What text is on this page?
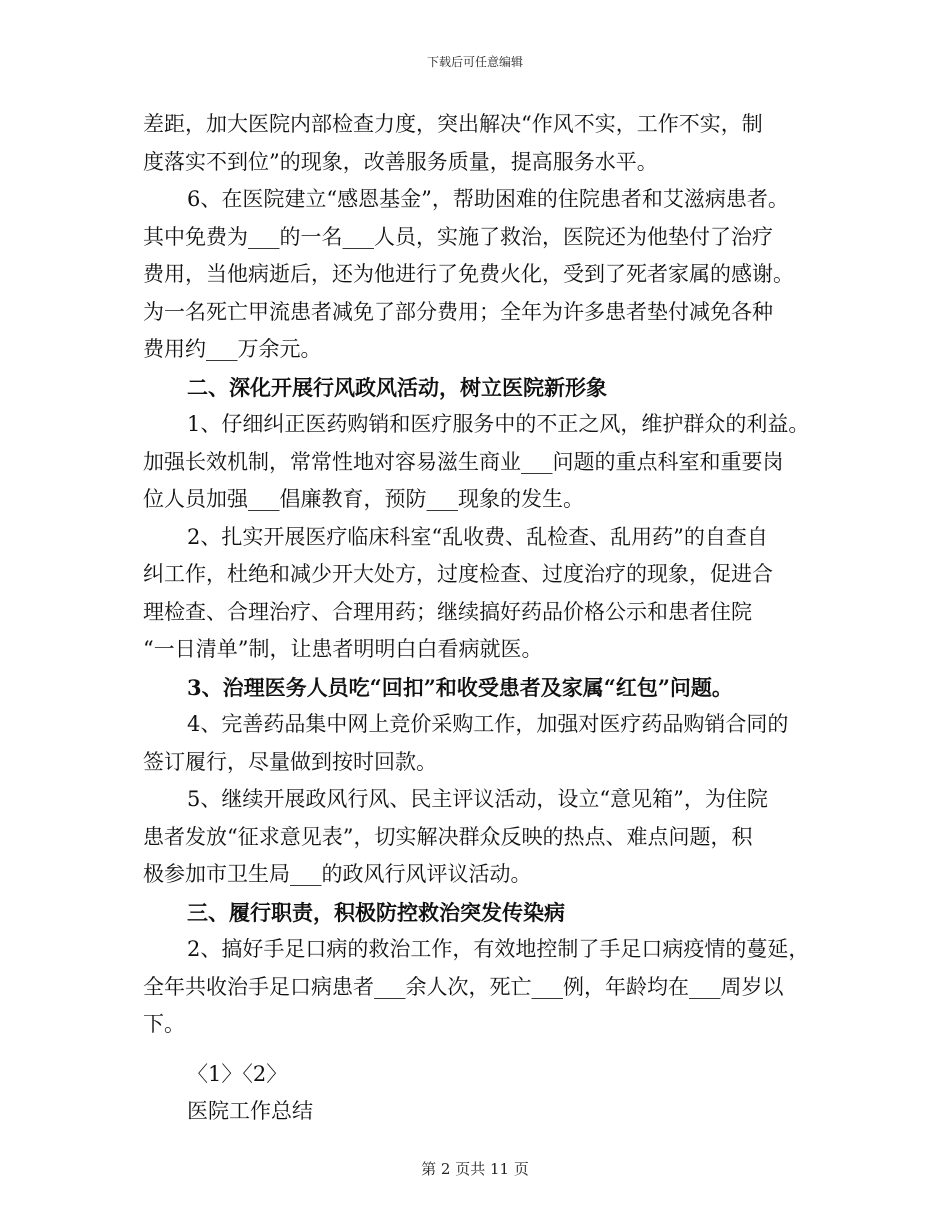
下载后可任意编辑
差距，加大医院内部检查力度，突出解决“作风不实，工作不实，制
度落实不到位”的现象，改善服务质量，提高服务水平。
6、在医院建立“感恩基金”，帮助困难的住院患者和艾滋病患者。
其中免费为___的一名___人员，实施了救治，医院还为他垫付了治疗
费用，当他病逝后，还为他进行了免费火化，受到了死者家属的感谢。
为一名死亡甲流患者减免了部分费用；全年为许多患者垫付减免各种
费用约___万余元。
二、深化开展行风政风活动，树立医院新形象
1、仔细纠正医药购销和医疗服务中的不正之风，维护群众的利益。
加强长效机制，常常性地对容易滋生商业___问题的重点科室和重要岗
位人员加强___倡廉教育，预防___现象的发生。
2、扎实开展医疗临床科室“乱收费、乱检查、乱用药”的自查自
纠工作，杜绝和减少开大处方，过度检查、过度治疗的现象，促进合
理检查、合理治疗、合理用药；继续搞好药品价格公示和患者住院
“一日清单”制，让患者明明白白看病就医。
3、治理医务人员吃“回扣”和收受患者及家属“红包”问题。
4、完善药品集中网上竞价采购工作，加强对医疗药品购销合同的
签订履行，尽量做到按时回款。
5、继续开展政风行风、民主评议活动，设立“意见箱”，为住院
患者发放“征求意见表”，切实解决群众反映的热点、难点问题，积
极参加市卫生局___的政风行风评议活动。
三、履行职责，积极防控救治突发传染病
2、搞好手足口病的救治工作，有效地控制了手足口病疫情的蔓延，
全年共收治手足口病患者___余人次，死亡___例，年龄均在___周岁以
下。
〈1〉〈2〉
医院工作总结
第 2 页共 11 页
